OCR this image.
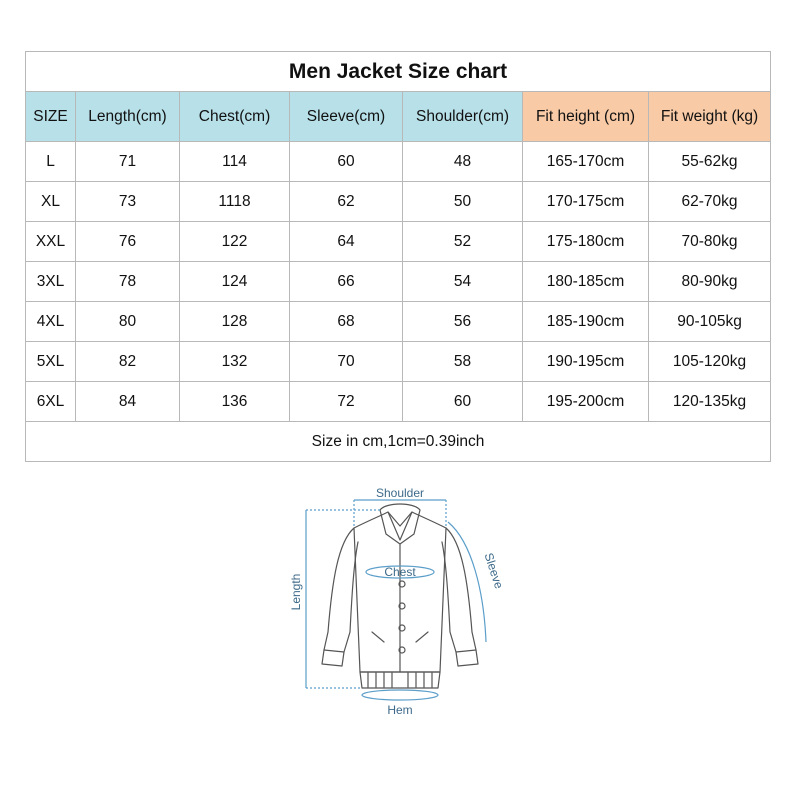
Men Jacket Size chart						
SIZE	Length(cm)	Chest(cm)	Sleeve(cm)	Shoulder(cm)	Fit height (cm)	Fit weight (kg)
L	71	114	60	48	165-170cm	55-62kg
XL	73	1118	62	50	170-175cm	62-70kg
XXL	76	122	64	52	175-180cm	70-80kg
3XL	78	124	66	54	180-185cm	80-90kg
4XL	80	128	68	56	185-190cm	90-105kg
5XL	82	132	70	58	190-195cm	105-120kg
6XL	84	136	72	60	195-200cm	120-135kg
Size in cm,1cm=0.39inch						
Shoulder
Chest
Length
Sleeve
Hem
